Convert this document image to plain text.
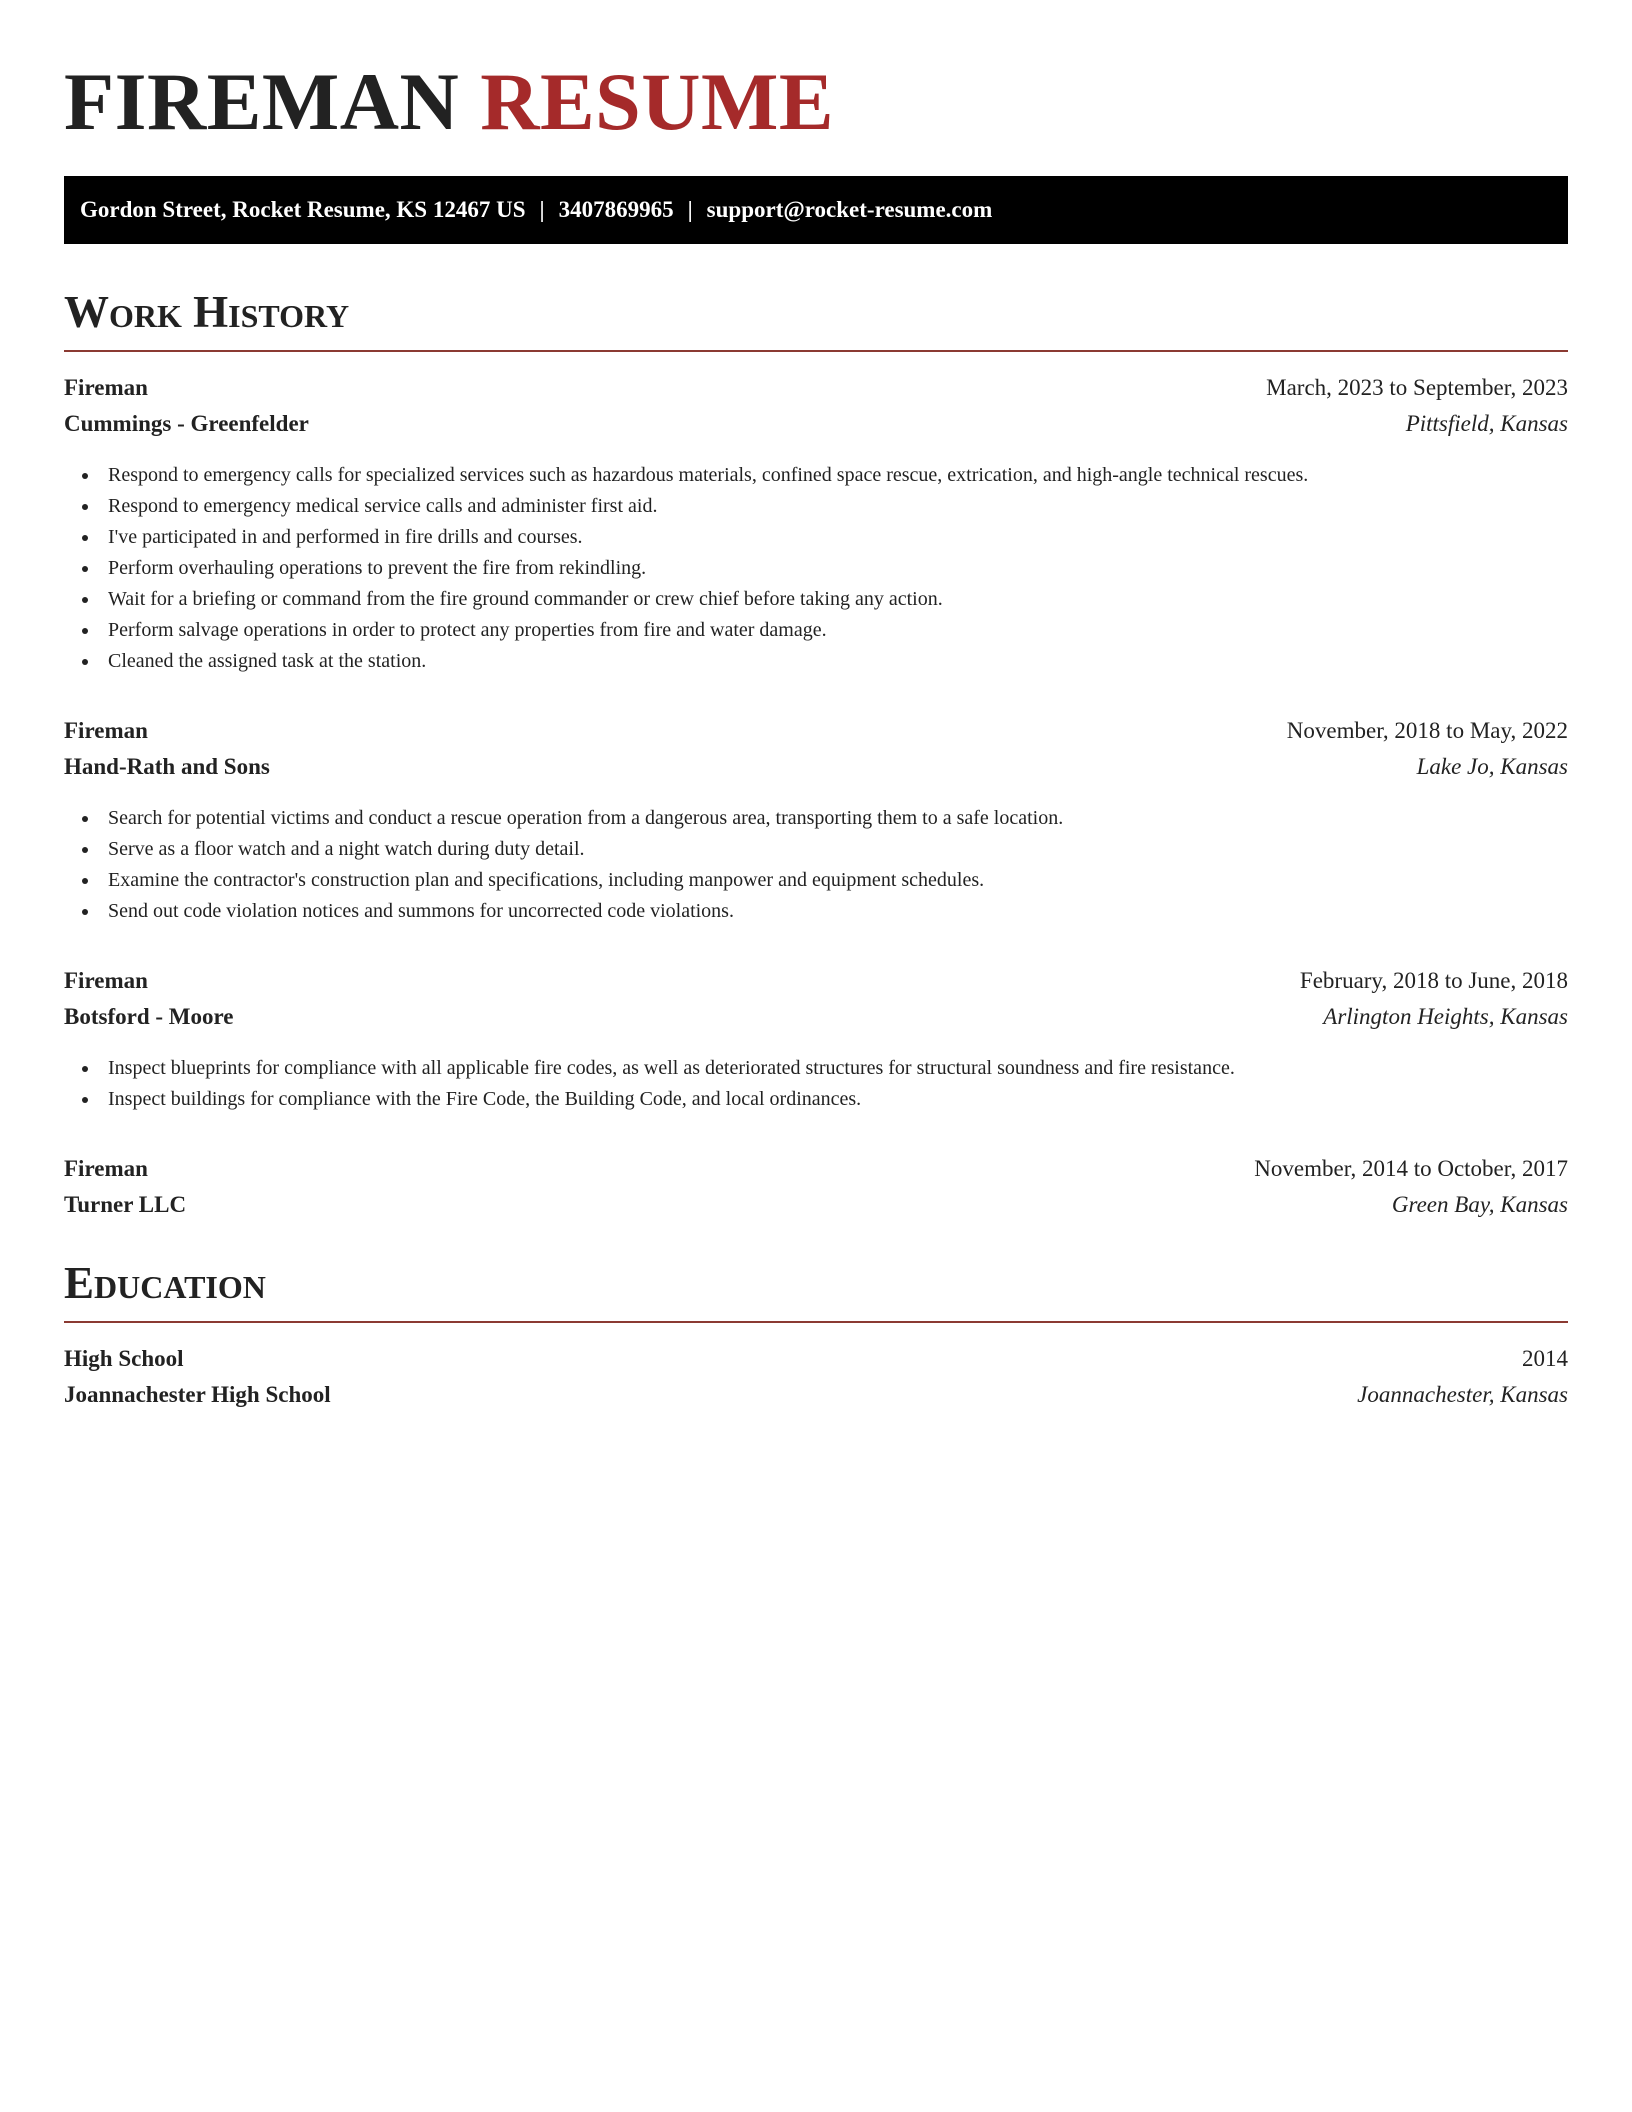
FIREMAN RESUME
Gordon Street, Rocket Resume, KS 12467 US | 3407869965 | support@rocket-resume.com
Work History
Fireman	March, 2023 to September, 2023
Cummings - Greenfelder	Pittsfield, Kansas
Respond to emergency calls for specialized services such as hazardous materials, confined space rescue, extrication, and high-angle technical rescues.
Respond to emergency medical service calls and administer first aid.
I've participated in and performed in fire drills and courses.
Perform overhauling operations to prevent the fire from rekindling.
Wait for a briefing or command from the fire ground commander or crew chief before taking any action.
Perform salvage operations in order to protect any properties from fire and water damage.
Cleaned the assigned task at the station.
Fireman	November, 2018 to May, 2022
Hand-Rath and Sons	Lake Jo, Kansas
Search for potential victims and conduct a rescue operation from a dangerous area, transporting them to a safe location.
Serve as a floor watch and a night watch during duty detail.
Examine the contractor's construction plan and specifications, including manpower and equipment schedules.
Send out code violation notices and summons for uncorrected code violations.
Fireman	February, 2018 to June, 2018
Botsford - Moore	Arlington Heights, Kansas
Inspect blueprints for compliance with all applicable fire codes, as well as deteriorated structures for structural soundness and fire resistance.
Inspect buildings for compliance with the Fire Code, the Building Code, and local ordinances.
Fireman	November, 2014 to October, 2017
Turner LLC	Green Bay, Kansas
Education
High School	2014
Joannachester High School	Joannachester, Kansas
